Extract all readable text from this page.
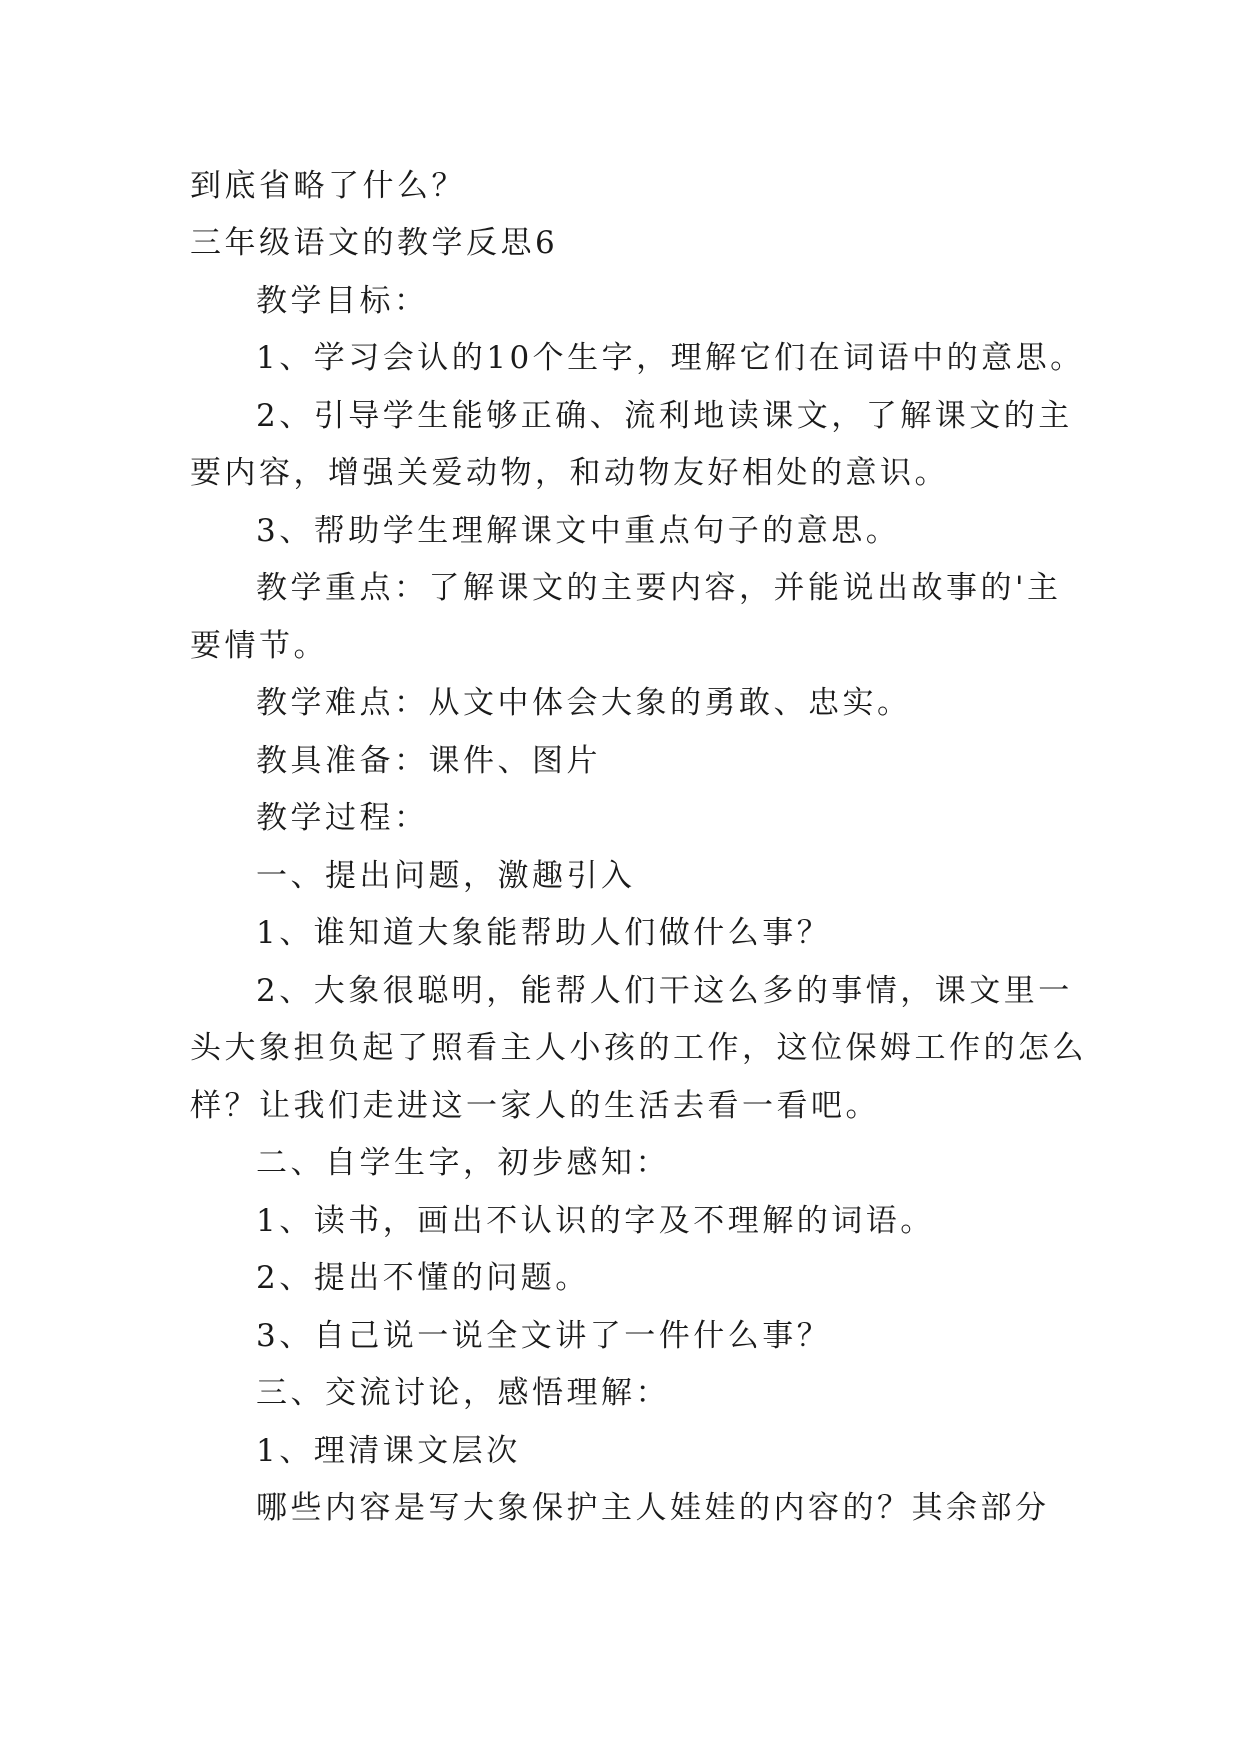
到底省略了什么？
三年级语文的教学反思6
教学目标：
1、学习会认的10个生字，理解它们在词语中的意思。
2、引导学生能够正确、流利地读课文，了解课文的主
要内容，增强关爱动物，和动物友好相处的意识。
3、帮助学生理解课文中重点句子的意思。
教学重点：了解课文的主要内容，并能说出故事的'主
要情节。
教学难点：从文中体会大象的勇敢、忠实。
教具准备：课件、图片
教学过程：
一、提出问题，激趣引入
1、谁知道大象能帮助人们做什么事？
2、大象很聪明，能帮人们干这么多的事情，课文里一
头大象担负起了照看主人小孩的工作，这位保姆工作的怎么
样？让我们走进这一家人的生活去看一看吧。
二、自学生字，初步感知：
1、读书，画出不认识的字及不理解的词语。
2、提出不懂的问题。
3、自己说一说全文讲了一件什么事？
三、交流讨论，感悟理解：
1、理清课文层次
哪些内容是写大象保护主人娃娃的内容的？其余部分
